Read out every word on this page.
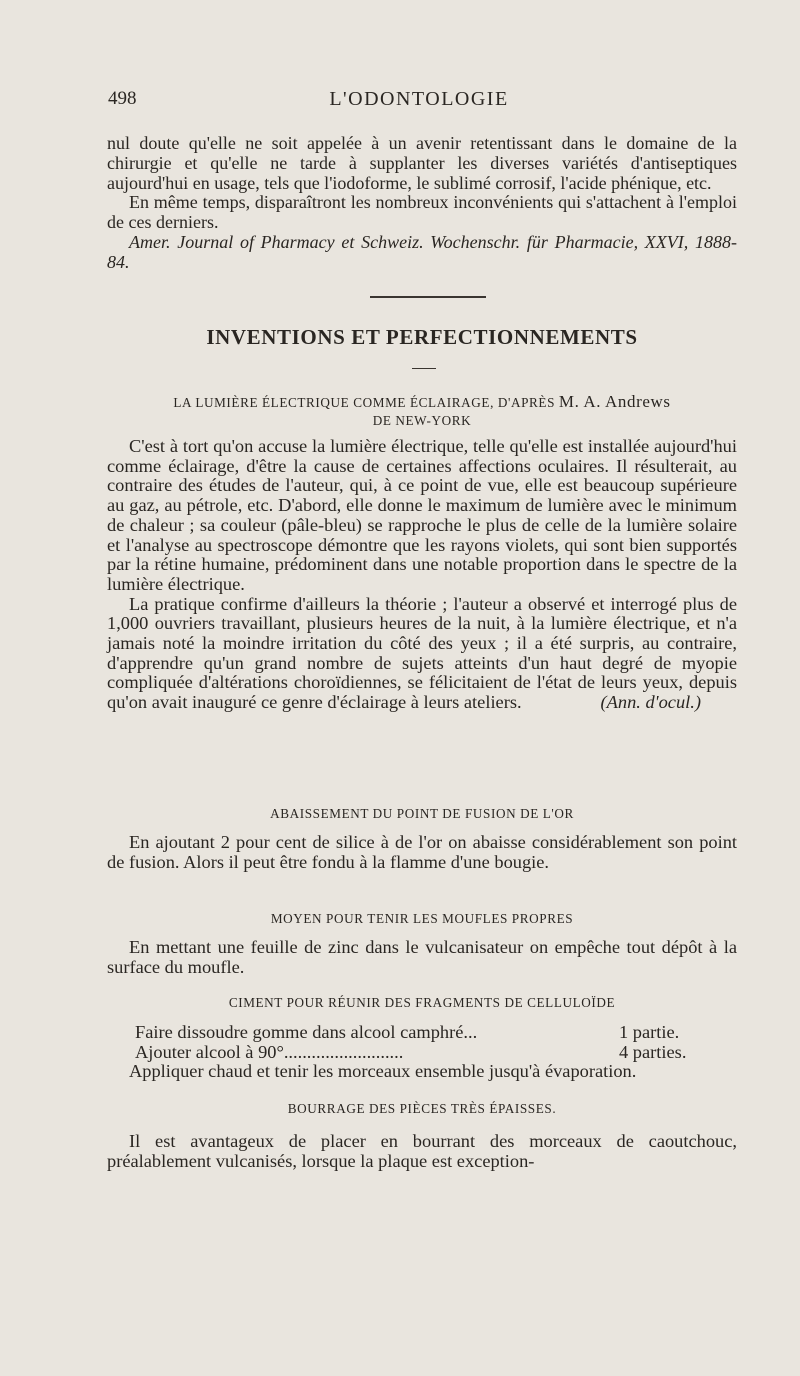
498	L'ODONTOLOGIE

nul doute qu'elle ne soit appelée à un avenir retentissant dans le domaine de la chirurgie et qu'elle ne tarde à supplanter les diverses variétés d'antiseptiques aujourd'hui en usage, tels que l'iodoforme, le sublimé corrosif, l'acide phénique, etc.

En même temps, disparaîtront les nombreux inconvénients qui s'attachent à l'emploi de ces derniers.

Amer. Journal of Pharmacy et Schweiz. Wochenschr. für Pharmacie, XXVI, 1888-84.

INVENTIONS ET PERFECTIONNEMENTS
LA LUMIÈRE ÉLECTRIQUE COMME ÉCLAIRAGE, D'APRÈS M. A. Andrews
DE NEW-YORK

C'est à tort qu'on accuse la lumière électrique, telle qu'elle est installée aujourd'hui comme éclairage, d'être la cause de certaines affections oculaires. Il résulterait, au contraire des études de l'auteur, qui, à ce point de vue, elle est beaucoup supérieure au gaz, au pétrole, etc. D'abord, elle donne le maximum de lumière avec le minimum de chaleur ; sa couleur (pâle-bleu) se rapproche le plus de celle de la lumière solaire et l'analyse au spectroscope démontre que les rayons violets, qui sont bien supportés par la rétine humaine, prédominent dans une notable proportion dans le spectre de la lumière électrique.

La pratique confirme d'ailleurs la théorie ; l'auteur a observé et interrogé plus de 1,000 ouvriers travaillant, plusieurs heures de la nuit, à la lumière électrique, et n'a jamais noté la moindre irritation du côté des yeux ; il a été surpris, au contraire, d'apprendre qu'un grand nombre de sujets atteints d'un haut degré de myopie compliquée d'altérations choroïdiennes, se félicitaient de l'état de leurs yeux, depuis qu'on avait inauguré ce genre d'éclairage à leurs ateliers.	(Ann. d'ocul.)

ABAISSEMENT DU POINT DE FUSION DE L'OR

En ajoutant 2 pour cent de silice à de l'or on abaisse considérablement son point de fusion. Alors il peut être fondu à la flamme d'une bougie.

MOYEN POUR TENIR LES MOUFLES PROPRES

En mettant une feuille de zinc dans le vulcanisateur on empêche tout dépôt à la surface du moufle.

CIMENT POUR RÉUNIR DES FRAGMENTS DE CELLULOÏDE
Faire dissoudre gomme dans alcool camphré...	1 partie.
Ajouter alcool à 90°..........................	4 parties.

Appliquer chaud et tenir les morceaux ensemble jusqu'à évaporation.

BOURRAGE DES PIÈCES TRÈS ÉPAISSES.

Il est avantageux de placer en bourrant des morceaux de caoutchouc, préalablement vulcanisés, lorsque la plaque est exception-
